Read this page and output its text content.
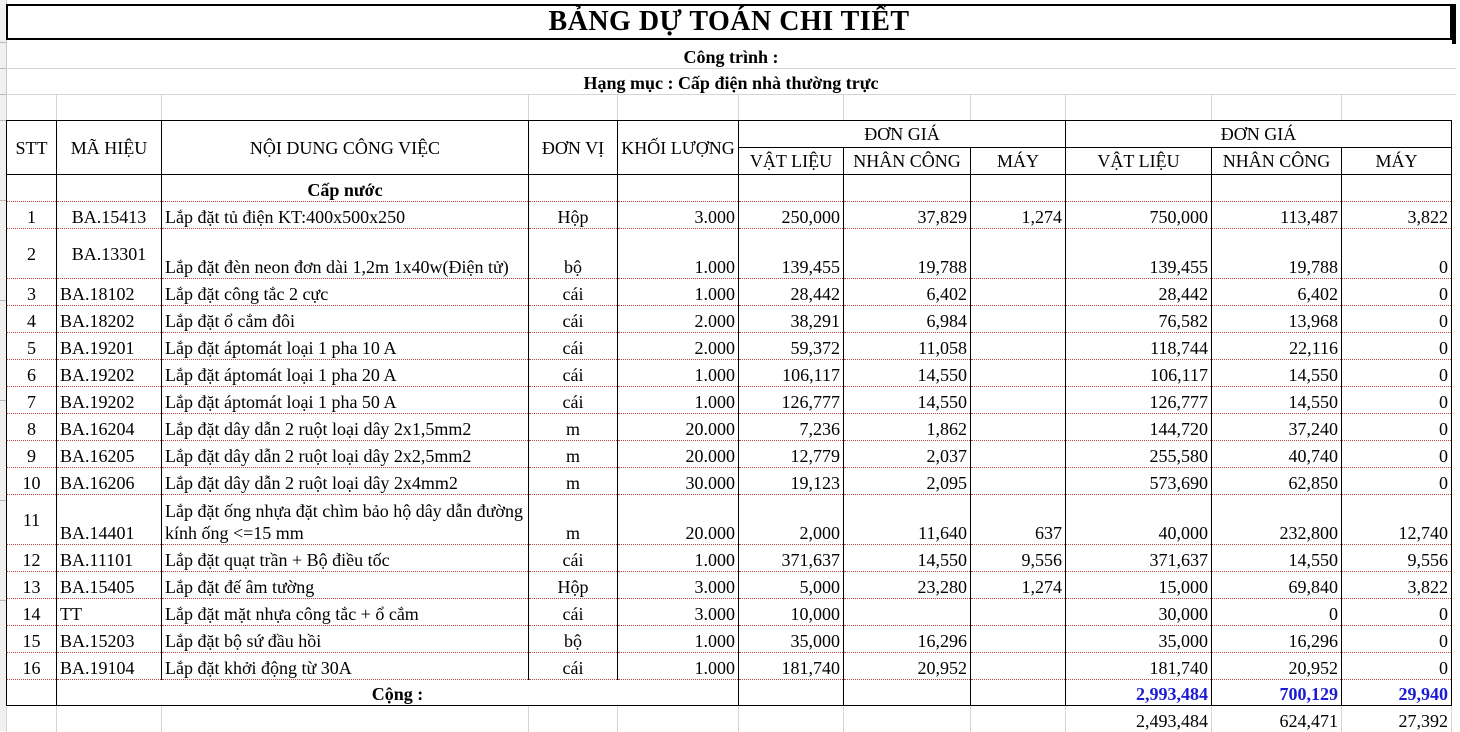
BẢNG DỰ TOÁN CHI TIẾT
Công trình :
Hạng mục : Cấp điện nhà thường trực
STT	MÃ HIỆU	NỘI DUNG CÔNG VIỆC	ĐƠN VỊ	KHỐI LƯỢNG	ĐƠN GIÁ			ĐƠN GIÁ		
					VẬT LIỆU	NHÂN CÔNG	MÁY	VẬT LIỆU	NHÂN CÔNG	MÁY
		Cấp nước								
1	BA.15413	Lắp đặt tủ điện KT:400x500x250	Hộp	3.000	250,000	37,829	1,274	750,000	113,487	3,822
2	BA.13301	Lắp đặt đèn neon đơn dài 1,2m 1x40w(Điện tử)	bộ	1.000	139,455	19,788		139,455	19,788	0
3	BA.18102	Lắp đặt công tắc 2 cực	cái	1.000	28,442	6,402		28,442	6,402	0
4	BA.18202	Lắp đặt ổ cắm đôi	cái	2.000	38,291	6,984		76,582	13,968	0
5	BA.19201	Lắp đặt áptomát loại 1 pha 10 A	cái	2.000	59,372	11,058		118,744	22,116	0
6	BA.19202	Lắp đặt áptomát loại 1 pha 20 A	cái	1.000	106,117	14,550		106,117	14,550	0
7	BA.19202	Lắp đặt áptomát loại 1 pha 50 A	cái	1.000	126,777	14,550		126,777	14,550	0
8	BA.16204	Lắp đặt dây dẫn 2 ruột loại dây 2x1,5mm2	m	20.000	7,236	1,862		144,720	37,240	0
9	BA.16205	Lắp đặt dây dẫn 2 ruột loại dây 2x2,5mm2	m	20.000	12,779	2,037		255,580	40,740	0
10	BA.16206	Lắp đặt dây dẫn 2 ruột loại dây 2x4mm2	m	30.000	19,123	2,095		573,690	62,850	0
11	BA.14401	Lắp đặt ống nhựa đặt chìm bảo hộ dây dẫn đường kính ống <=15 mm	m	20.000	2,000	11,640	637	40,000	232,800	12,740
12	BA.11101	Lắp đặt quạt trần + Bộ điều tốc	cái	1.000	371,637	14,550	9,556	371,637	14,550	9,556
13	BA.15405	Lắp đặt đế âm tường	Hộp	3.000	5,000	23,280	1,274	15,000	69,840	3,822
14	TT	Lắp đặt mặt nhựa công tắc + ổ cắm	cái	3.000	10,000			30,000	0	0
15	BA.15203	Lắp đặt bộ sứ đầu hồi	bộ	1.000	35,000	16,296		35,000	16,296	0
16	BA.19104	Lắp đặt khởi động từ 30A	cái	1.000	181,740	20,952		181,740	20,952	0
	Cộng :							2,993,484	700,129	29,940
								2,493,484	624,471	27,392
